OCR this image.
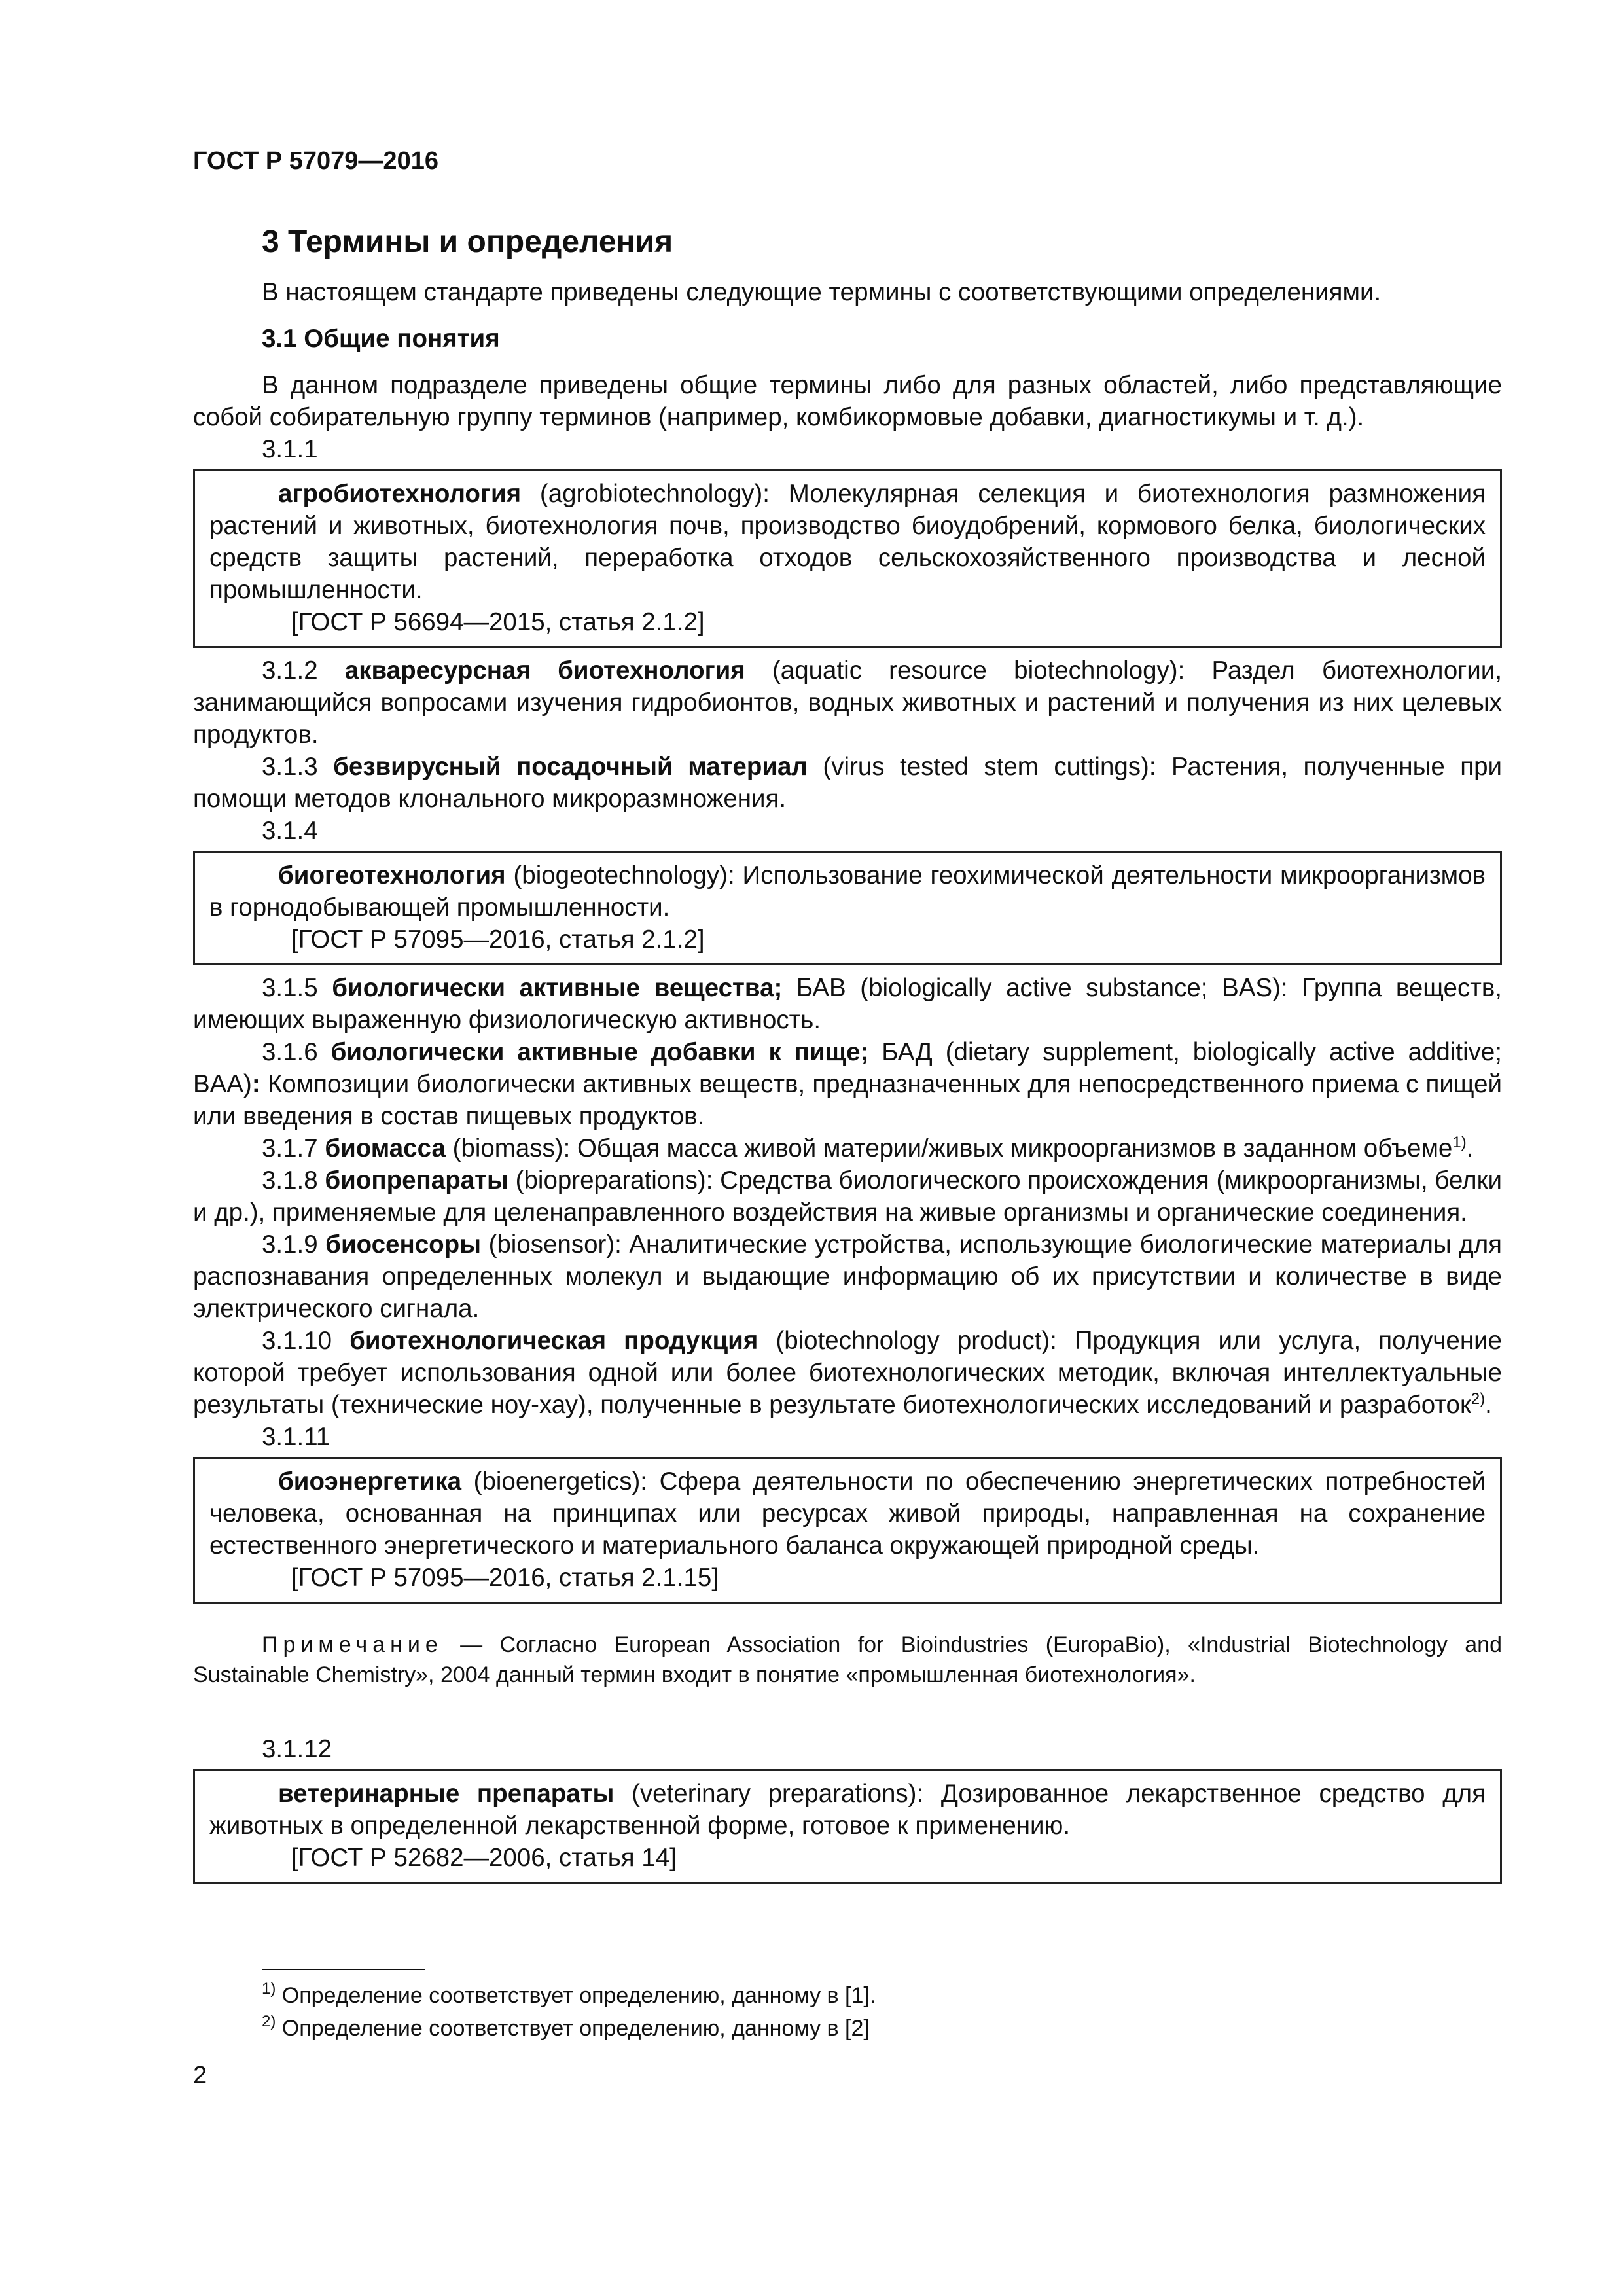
ГОСТ Р 57079—2016
3 Термины и определения

В настоящем стандарте приведены следующие термины с соответствующими определениями.

3.1 Общие понятия

В данном подразделе приведены общие термины либо для разных областей, либо представляющие собой собирательную группу терминов (например, комбикормовые добавки, диагностикумы и т. д.).

3.1.1

агробиотехнология (agrobiotechnology): Молекулярная селекция и биотехнология размножения растений и животных, биотехнология почв, производство биоудобрений, кормового белка, биологических средств защиты растений, переработка отходов сельскохозяйственного производства и лесной промышленности.

[ГОСТ Р 56694—2015, статья 2.1.2]

3.1.2 акваресурсная биотехнология (aquatic resource biotechnology): Раздел биотехнологии, занимающийся вопросами изучения гидробионтов, водных животных и растений и получения из них целевых продуктов.

3.1.3 безвирусный посадочный материал (virus tested stem cuttings): Растения, полученные при помощи методов клонального микроразмножения.

3.1.4

биогеотехнология (biogeotechnology): Использование геохимической деятельности микроорганизмов в горнодобывающей промышленности.

[ГОСТ Р 57095—2016, статья 2.1.2]

3.1.5 биологически активные вещества; БАВ (biologically active substance; BAS): Группа веществ, имеющих выраженную физиологическую активность.

3.1.6 биологически активные добавки к пище; БАД (dietary supplement, biologically active additive; BAA): Композиции биологически активных веществ, предназначенных для непосредственного приема с пищей или введения в состав пищевых продуктов.

3.1.7 биомасса (biomass): Общая масса живой материи/живых микроорганизмов в заданном объеме$^{1)}$.

3.1.8 биопрепараты (biopreparations): Средства биологического происхождения (микроорганизмы, белки и др.), применяемые для целенаправленного воздействия на живые организмы и органические соединения.

3.1.9 биосенсоры (biosensor): Аналитические устройства, использующие биологические материалы для распознавания определенных молекул и выдающие информацию об их присутствии и количестве в виде электрического сигнала.

3.1.10 биотехнологическая продукция (biotechnology product): Продукция или услуга, получение которой требует использования одной или более биотехнологических методик, включая интеллектуальные результаты (технические ноу-хау), полученные в результате биотехнологических исследований и разработок$^{2)}$.

3.1.11

биоэнергетика (bioenergetics): Сфера деятельности по обеспечению энергетических потребностей человека, основанная на принципах или ресурсах живой природы, направленная на сохранение естественного энергетического и материального баланса окружающей природной среды.

[ГОСТ Р 57095—2016, статья 2.1.15]

Примечание — Согласно European Association for Bioindustries (EuropaBio), «Industrial Biotechnology and Sustainable Chemistry», 2004 данный термин входит в понятие «промышленная биотехнология».

3.1.12

ветеринарные препараты (veterinary preparations): Дозированное лекарственное средство для животных в определенной лекарственной форме, готовое к применению.

[ГОСТ Р 52682—2006, статья 14]
$^{1)}$ Определение соответствует определению, данному в [1].
$^{2)}$ Определение соответствует определению, данному в [2]
2
